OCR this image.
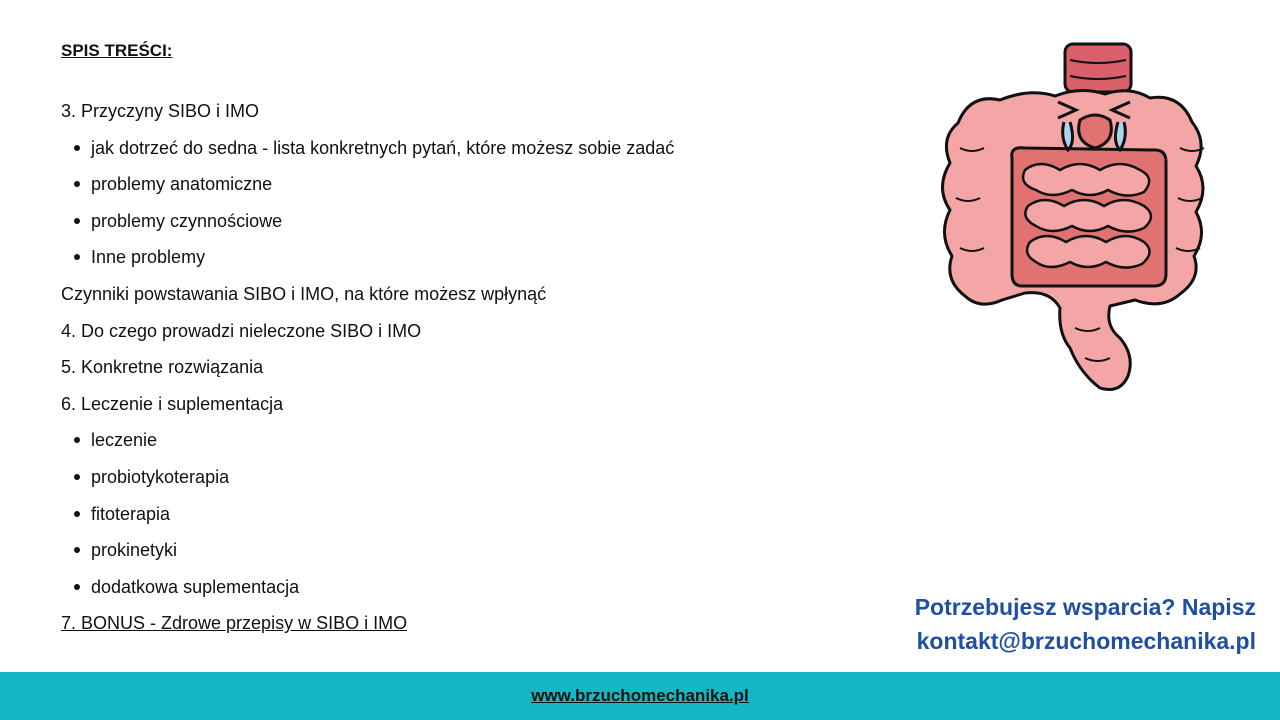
SPIS TREŚCI:
3. Przyczyny SIBO i IMO
jak dotrzeć do sedna - lista konkretnych pytań, które możesz sobie zadać
problemy anatomiczne
problemy czynnościowe
Inne problemy
Czynniki powstawania SIBO i IMO, na które możesz wpłynąć
4. Do czego prowadzi nieleczone SIBO i IMO
5. Konkretne rozwiązania
6. Leczenie i suplementacja
leczenie
probiotykoterapia
fitoterapia
prokinetyki
dodatkowa suplementacja
7. BONUS - Zdrowe przepisy w SIBO i IMO
Potrzebujesz wsparcia? Napisz
kontakt@brzuchomechanika.pl
www.brzuchomechanika.pl
